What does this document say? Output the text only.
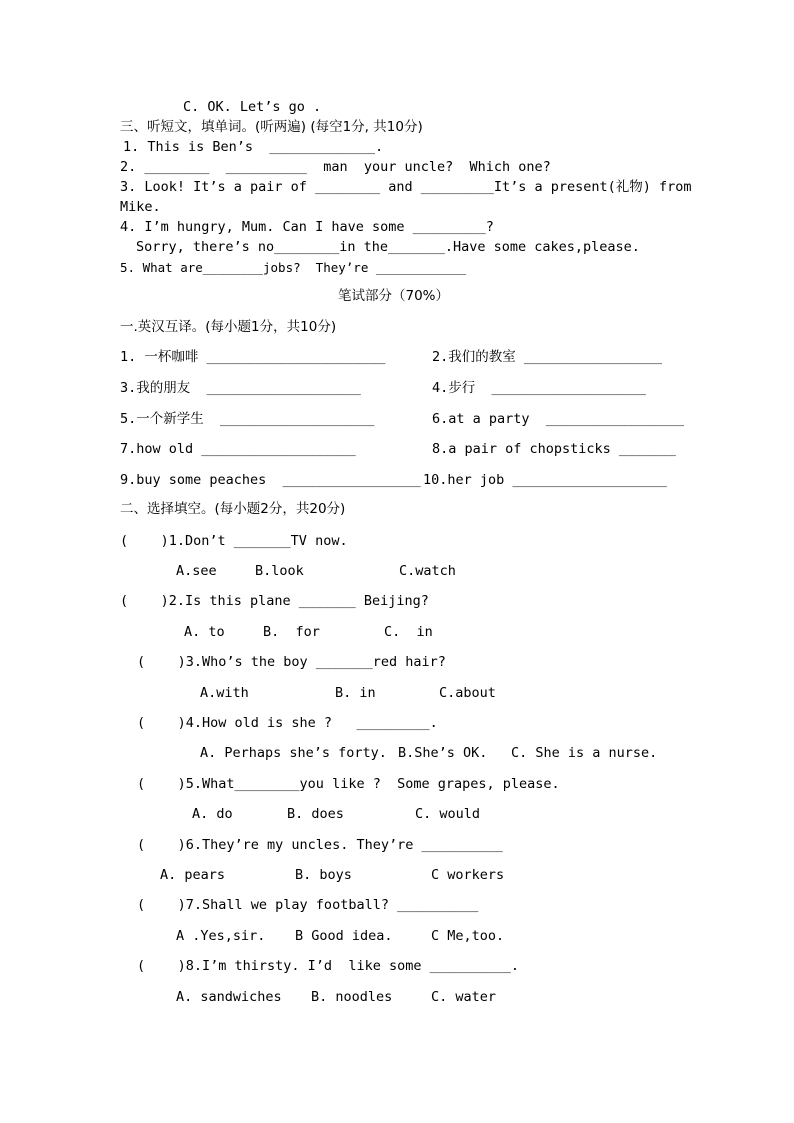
C. OK. Let’s go .
三、听短文，填单词。(听两遍) (每空1分, 共10分)
1. This is Ben’s  _____________.
2. ________  __________  man  your uncle?  Which one?
3. Look! It’s a pair of ________ and _________It’s a present(礼物) from
Mike.
4. I’m hungry, Mum. Can I have some _________?
Sorry, there’s no________in the_______.Have some cakes,please.
5. What are________jobs?  They’re ____________
笔试部分（70%）
一.英汉互译。(每小题1分，共10分)
1. 一杯咖啡 ______________________	2.我们的教室 _________________
3.我的朋友  ___________________	4.步行  ___________________
5.一个新学生  ___________________	6.at a party  _________________
7.how old ___________________	8.a pair of chopsticks _______
9.buy some peaches  _________________ 10.her job ___________________
二、选择填空。(每小题2分，共20分)
(    )1.Don’t _______TV now.
A.see	B.look	C.watch
(    )2.Is this plane _______ Beijing?
A. to	B.  for	C.  in
(    )3.Who’s the boy _______red hair?
A.with	B. in	C.about
(    )4.How old is she ?   _________.
A. Perhaps she’s forty. B.She’s OK. C. She is a nurse.
(    )5.What________you like ?  Some grapes, please.
A. do	B. does	C. would
(    )6.They’re my uncles. They’re __________
A. pears	B. boys	C workers
(    )7.Shall we play football? __________
A .Yes,sir. B Good idea.	C Me,too.
(    )8.I’m thirsty. I’d  like some __________.
A. sandwiches B. noodles	C. water
